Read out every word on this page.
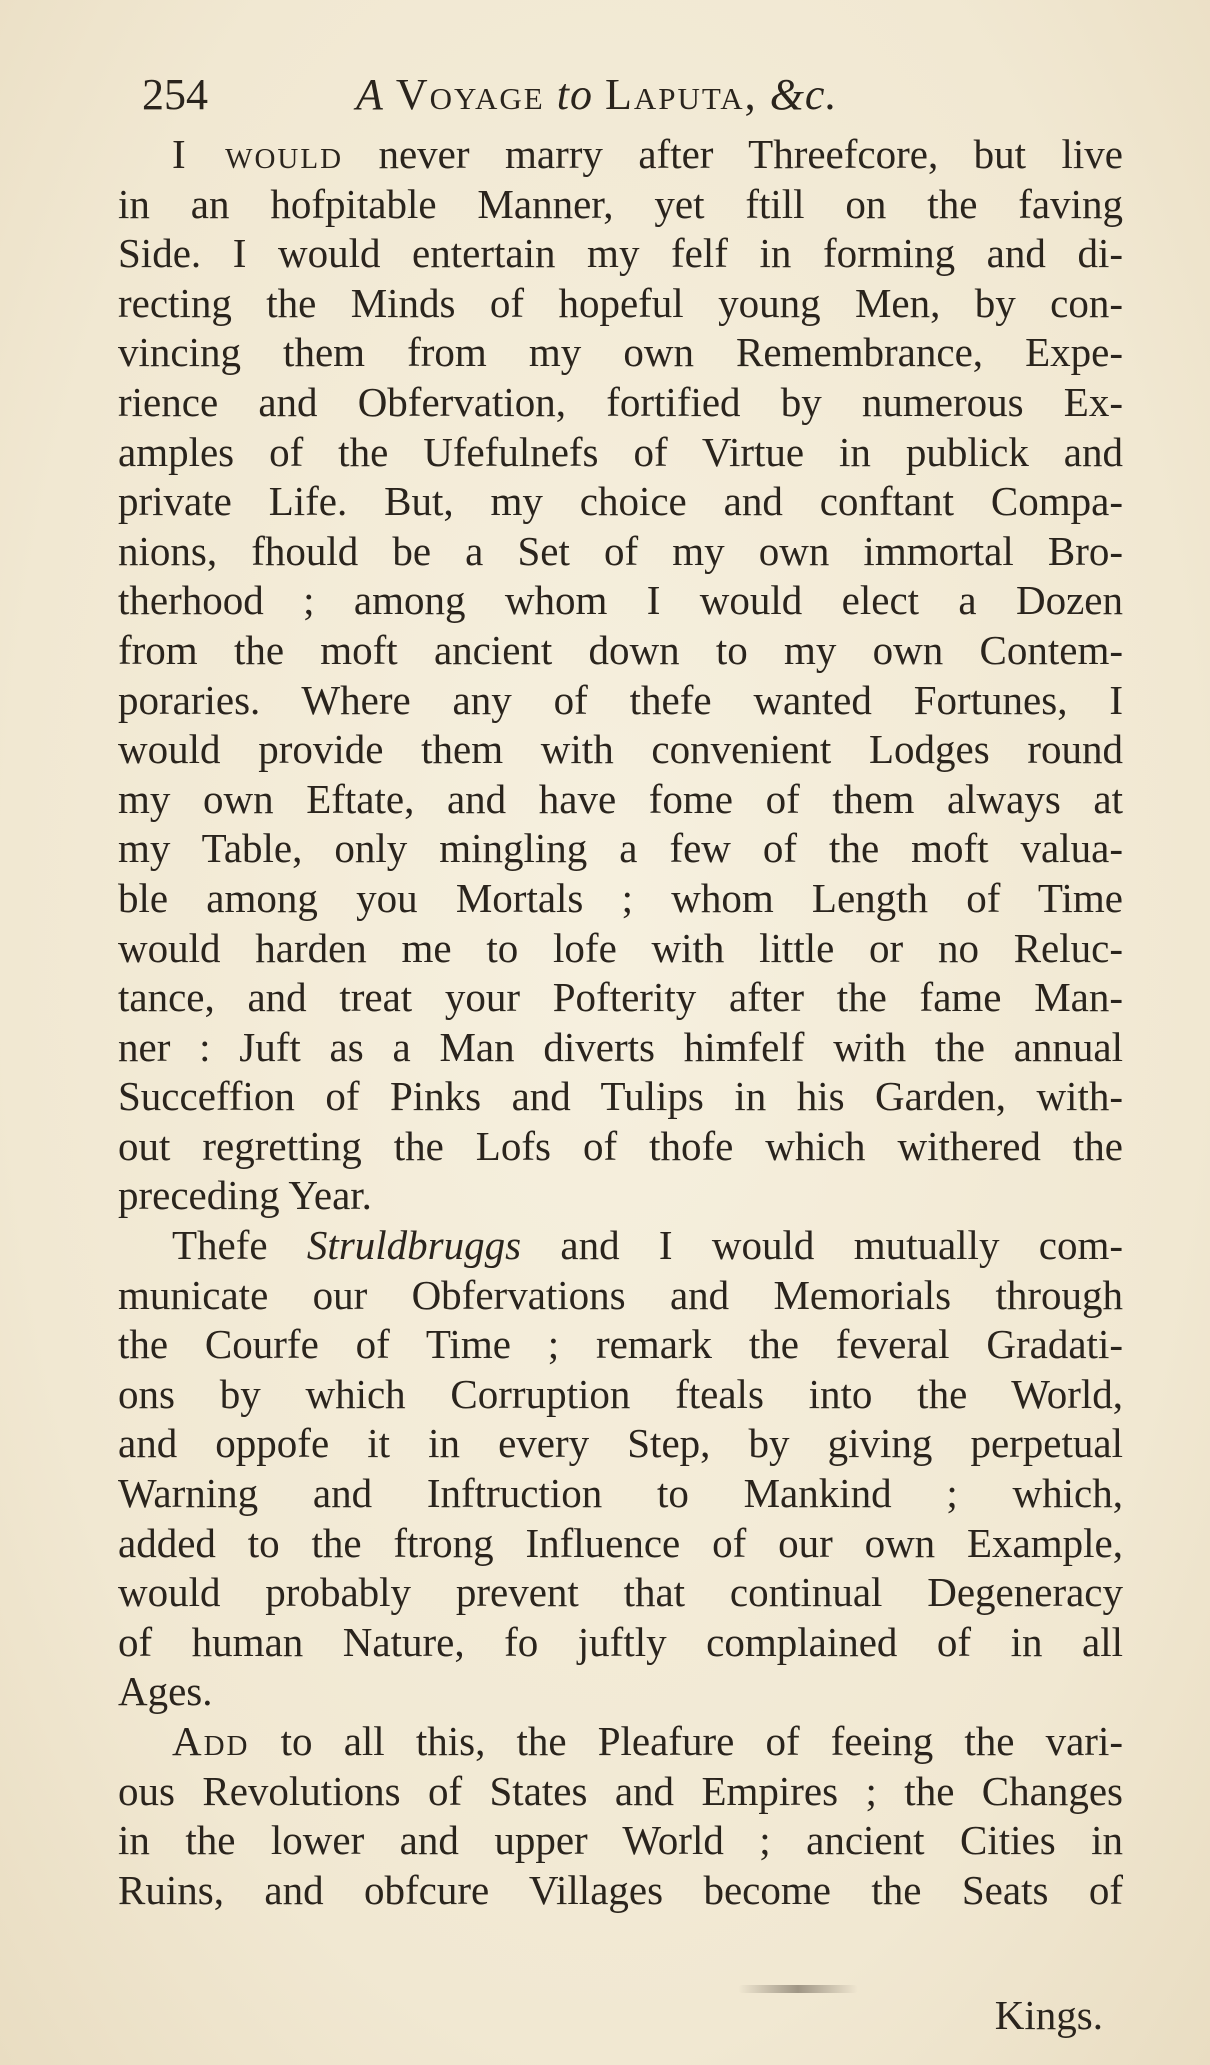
254	A Voyage to Laputa, &c.
I would never marry after Threefcore, but live
in an hofpitable Manner, yet ftill on the faving
Side. I would entertain my felf in forming and di-
recting the Minds of hopeful young Men, by con-
vincing them from my own Remembrance, Expe-
rience and Obfervation, fortified by numerous Ex-
amples of the Ufefulnefs of Virtue in publick and
private Life. But, my choice and conftant Compa-
nions, fhould be a Set of my own immortal Bro-
therhood ; among whom I would elect a Dozen
from the moft ancient down to my own Contem-
poraries. Where any of thefe wanted Fortunes, I
would provide them with convenient Lodges round
my own Eftate, and have fome of them always at
my Table, only mingling a few of the moft valua-
ble among you Mortals ; whom Length of Time
would harden me to lofe with little or no Reluc-
tance, and treat your Pofterity after the fame Man-
ner : Juft as a Man diverts himfelf with the annual
Succeffion of Pinks and Tulips in his Garden, with-
out regretting the Lofs of thofe which withered the
preceding Year.
Thefe Struldbruggs and I would mutually com-
municate our Obfervations and Memorials through
the Courfe of Time ; remark the feveral Gradati-
ons by which Corruption fteals into the World,
and oppofe it in every Step, by giving perpetual
Warning and Inftruction to Mankind ; which,
added to the ftrong Influence of our own Example,
would probably prevent that continual Degeneracy
of human Nature, fo juftly complained of in all
Ages.
Add to all this, the Pleafure of feeing the vari-
ous Revolutions of States and Empires ; the Changes
in the lower and upper World ; ancient Cities in
Ruins, and obfcure Villages become the Seats of
Kings.
